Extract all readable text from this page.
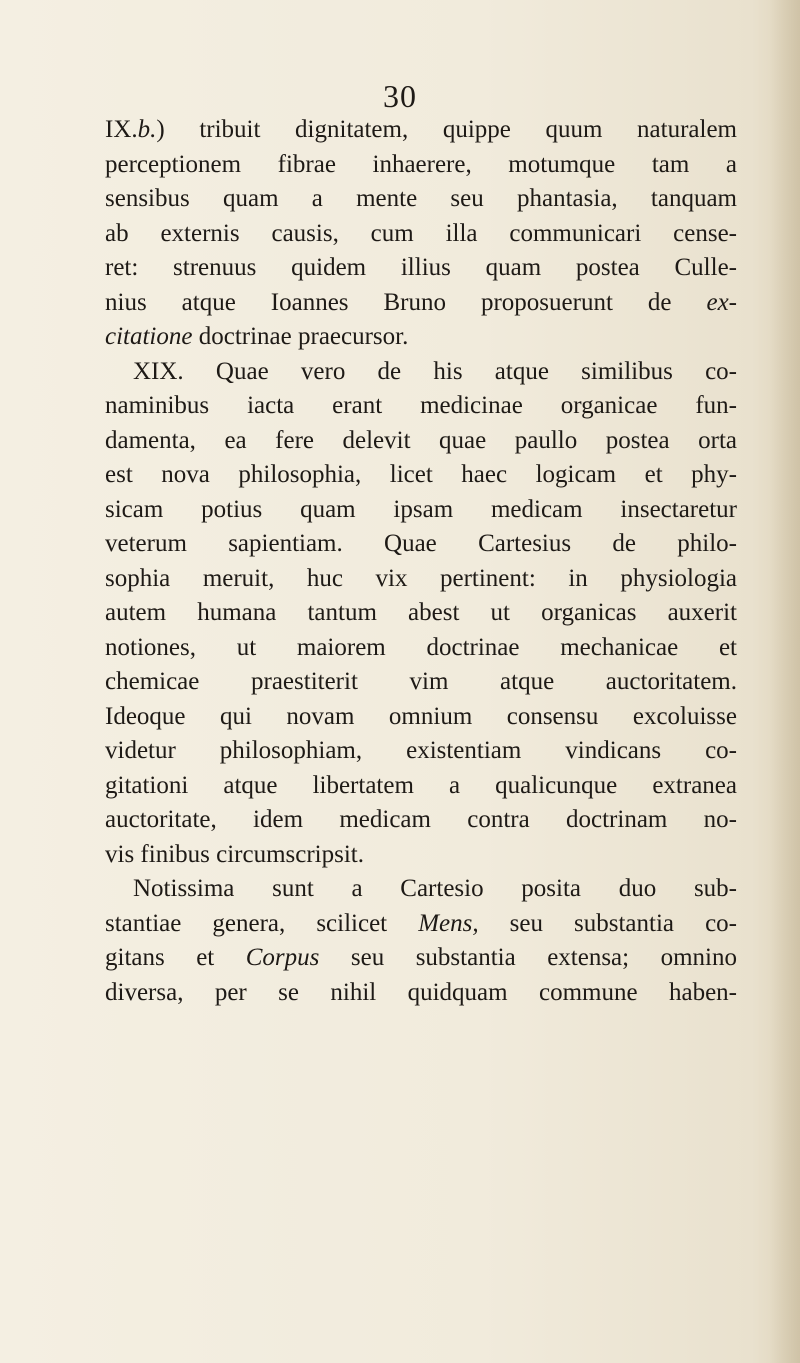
30
IX.b.) tribuit dignitatem, quippe quum naturalem
perceptionem fibrae inhaerere, motumque tam a
sensibus quam a mente seu phantasia, tanquam
ab externis causis, cum illa communicari cense-
ret: strenuus quidem illius quam postea Culle-
nius atque Ioannes Bruno proposuerunt de ex-
citatione doctrinae praecursor.
XIX. Quae vero de his atque similibus co-
naminibus iacta erant medicinae organicae fun-
damenta, ea fere delevit quae paullo postea orta
est nova philosophia, licet haec logicam et phy-
sicam potius quam ipsam medicam insectaretur
veterum sapientiam. Quae Cartesius de philo-
sophia meruit, huc vix pertinent: in physiologia
autem humana tantum abest ut organicas auxerit
notiones, ut maiorem doctrinae mechanicae et
chemicae praestiterit vim atque auctoritatem.
Ideoque qui novam omnium consensu excoluisse
videtur philosophiam, existentiam vindicans co-
gitationi atque libertatem a qualicunque extranea
auctoritate, idem medicam contra doctrinam no-
vis finibus circumscripsit.
Notissima sunt a Cartesio posita duo sub-
stantiae genera, scilicet Mens, seu substantia co-
gitans et Corpus seu substantia extensa; omnino
diversa, per se nihil quidquam commune haben-
